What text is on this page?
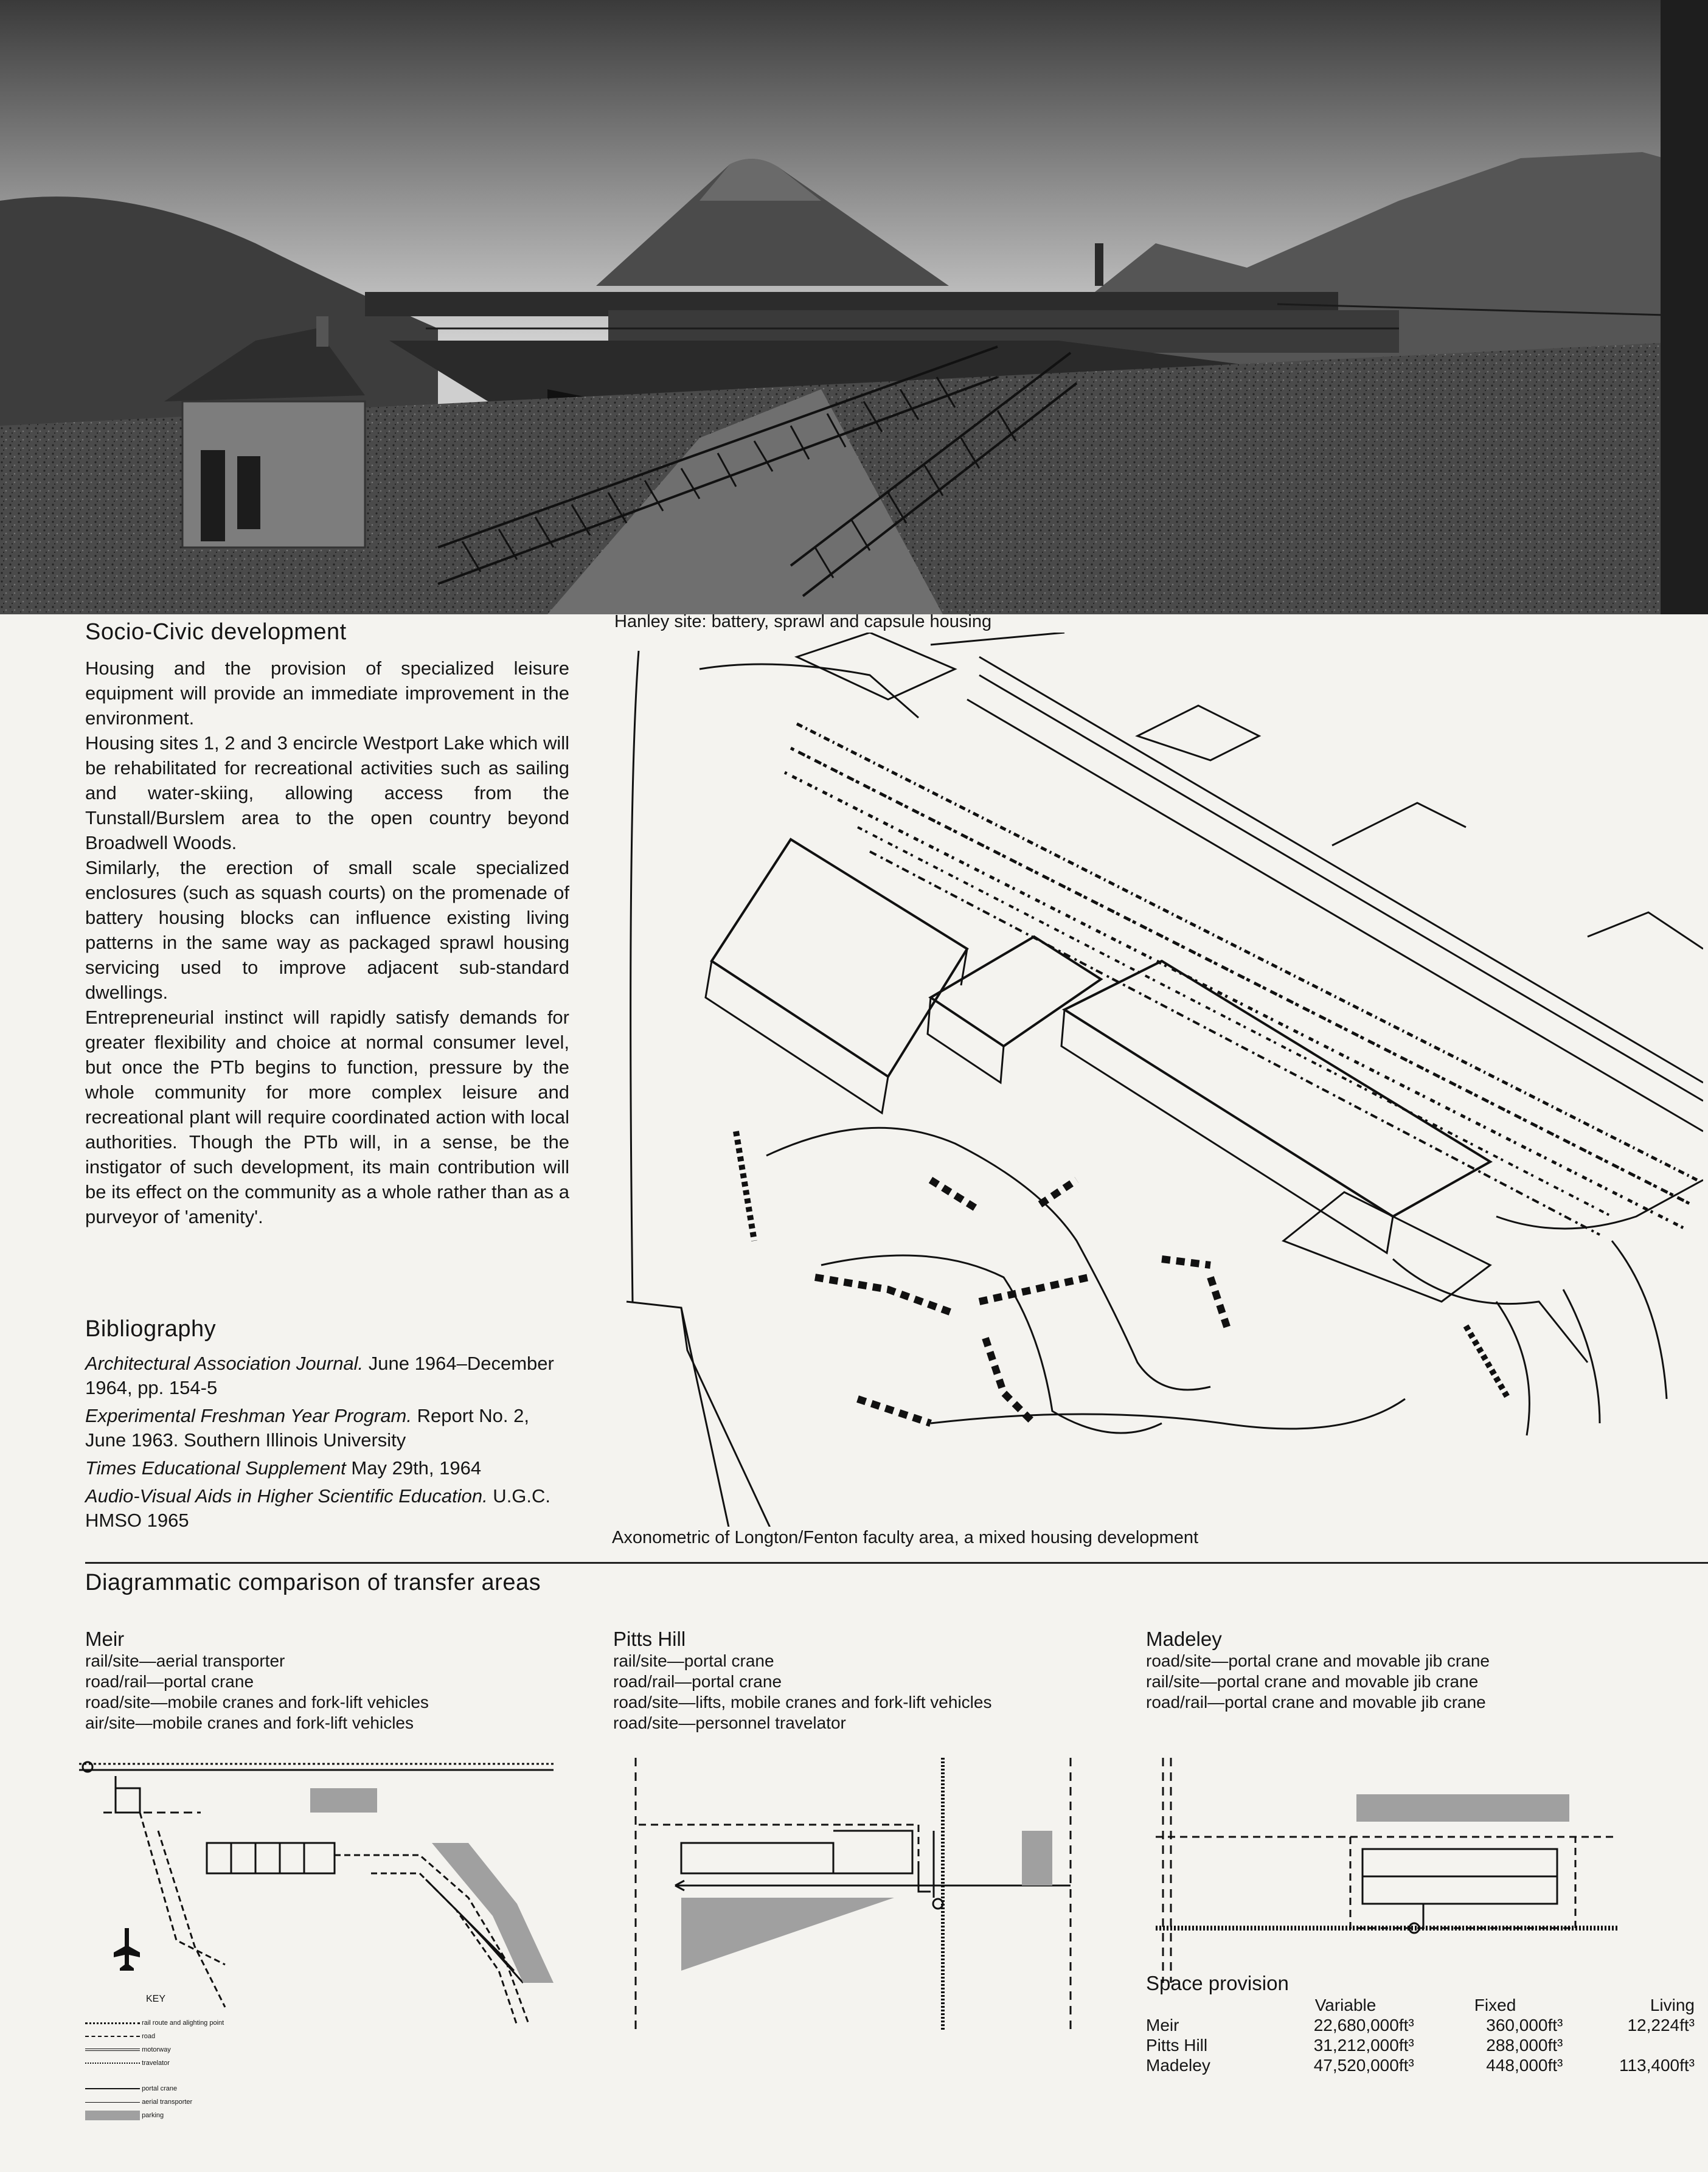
Socio-Civic development

Housing and the provision of specialized leisure equipment will provide an immediate improvement in the environment.

Housing sites 1, 2 and 3 encircle Westport Lake which will be rehabilitated for recreational activities such as sailing and water-skiing, allowing access from the Tunstall/Burslem area to the open country beyond Broadwell Woods.

Similarly, the erection of small scale specialized enclosures (such as squash courts) on the promenade of battery housing blocks can influence existing living patterns in the same way as packaged sprawl housing servicing used to improve adjacent sub-standard dwellings.

Entrepreneurial instinct will rapidly satisfy demands for greater flexibility and choice at normal consumer level, but once the PTb begins to function, pressure by the whole community for more complex leisure and recreational plant will require coordinated action with local authorities. Though the PTb will, in a sense, be the instigator of such development, its main contribution will be its effect on the community as a whole rather than as a purveyor of 'amenity'.

Bibliography
Architectural Association Journal. June 1964–December 1964, pp. 154-5
Experimental Freshman Year Program. Report No. 2, June 1963. Southern Illinois University
Times Educational Supplement May 29th, 1964
Audio-Visual Aids in Higher Scientific Education. U.G.C. HMSO 1965
Hanley site: battery, sprawl and capsule housing
Axonometric of Longton/Fenton faculty area, a mixed housing development
Diagrammatic comparison of transfer areas
Meir
rail/site—aerial transporter
road/rail—portal crane
road/site—mobile cranes and fork-lift vehicles
air/site—mobile cranes and fork-lift vehicles
Pitts Hill
rail/site—portal crane
road/rail—portal crane
road/site—lifts, mobile cranes and fork-lift vehicles
road/site—personnel travelator
Madeley
road/site—portal crane and movable jib crane
rail/site—portal crane and movable jib crane
road/rail—portal crane and movable jib crane
KEY
rail route and alighting point
road
motorway
travelator
portal crane
aerial transporter
parking
Space provision
	Variable	Fixed	Living
Meir	22,680,000ft³	360,000ft³	12,224ft³
Pitts Hill	31,212,000ft³	288,000ft³	
Madeley	47,520,000ft³	448,000ft³	113,400ft³
